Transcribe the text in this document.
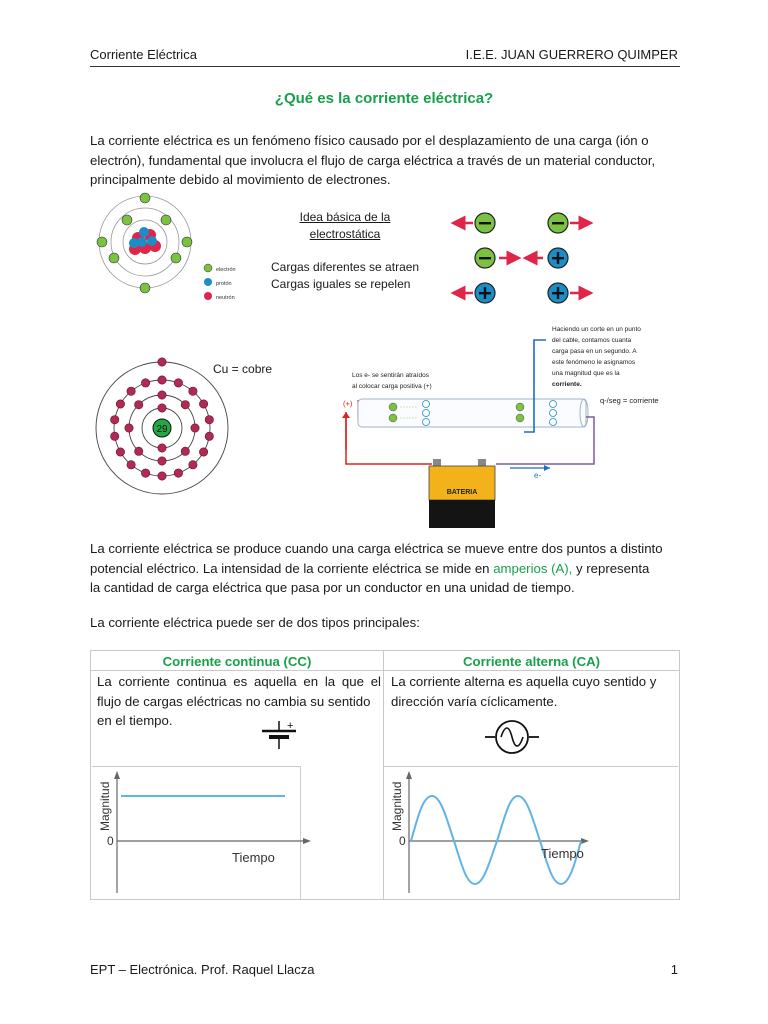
Corriente Eléctrica	I.E.E. JUAN GUERRERO QUIMPER
¿Qué es la corriente eléctrica?
La corriente eléctrica es un fenómeno físico causado por el desplazamiento de una carga (ión o
electrón), fundamental que involucra el flujo de carga eléctrica a través de un material conductor,
principalmente debido al movimiento de electrones.
electrón
protón
neutrón
Idea básica de la
electrostática
Cargas diferentes se atraen
Cargas iguales se repelen
29
Cu = cobre	Los e- se sentirán atraídos
al colocar carga positiva (+)
Haciendo un corte en un punto
del cable, contamos cuanta
carga pasa en un segundo. A
este fenómeno le asignamos
una magnitud que es la
corriente.
q-/seg = corriente
(+)
e-
BATERIA
La corriente eléctrica se produce cuando una carga eléctrica se mueve entre dos puntos a distinto
potencial eléctrico. La intensidad de la corriente eléctrica se mide en amperios (A), y representa
la cantidad de carga eléctrica que pasa por un conductor en una unidad de tiempo.
La corriente eléctrica puede ser de dos tipos principales:
Corriente continua (CC)	Corriente alterna (CA)
La corriente continua es aquella en la que el
flujo de cargas eléctricas no cambia su sentido
en el tiempo.
La corriente alterna es aquella cuyo sentido y
dirección varía cíclicamente.
+
0
Tiempo
Magnitud
0
Tiempo
Magnitud
EPT – Electrónica. Prof. Raquel Llacza	1
